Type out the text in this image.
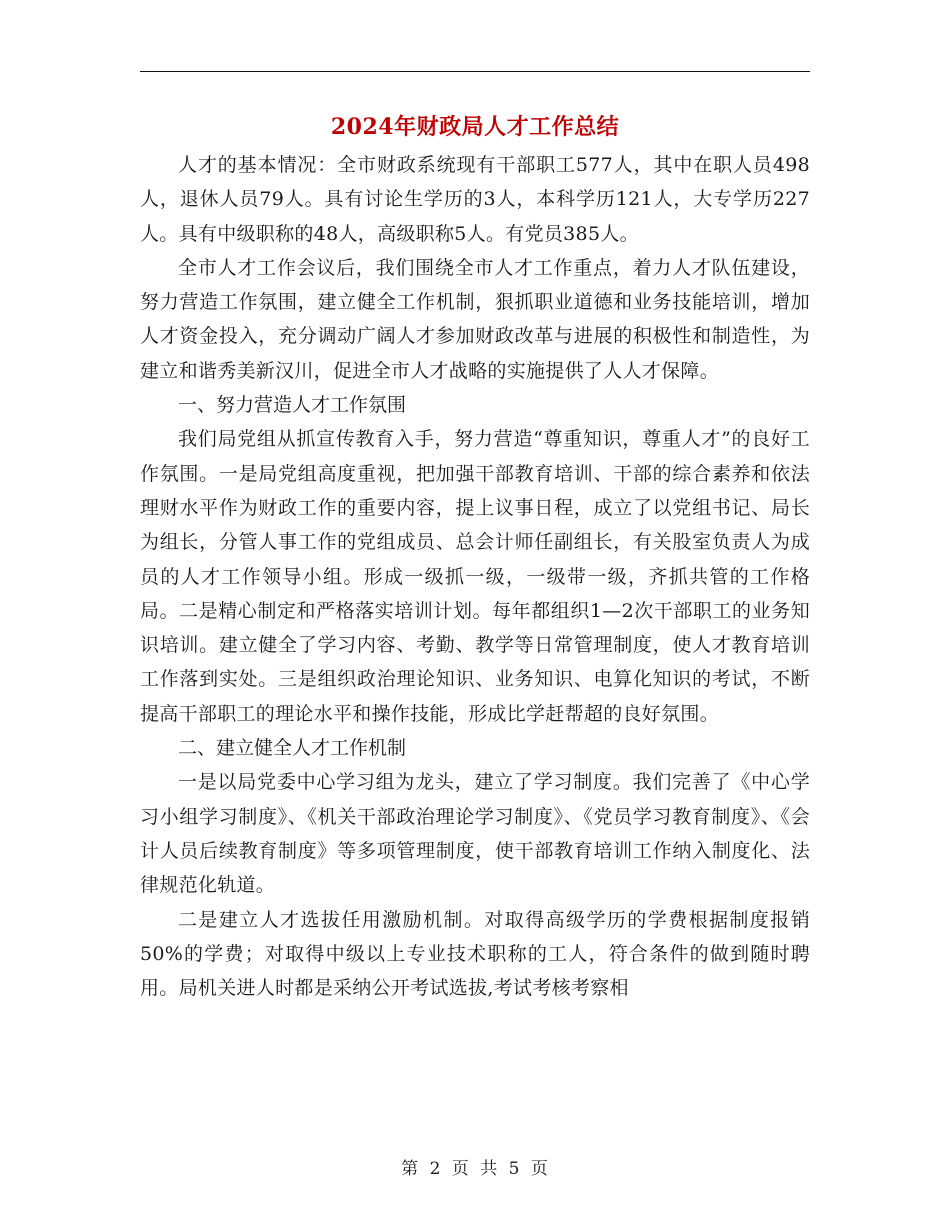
2024年财政局人才工作总结

人才的基本情况：全市财政系统现有干部职工577人，其中在职人员498人，退休人员79人。具有讨论生学历的3人，本科学历121人，大专学历227人。具有中级职称的48人，高级职称5人。有党员385人。

全市人才工作会议后，我们围绕全市人才工作重点，着力人才队伍建设，努力营造工作氛围，建立健全工作机制，狠抓职业道德和业务技能培训，增加人才资金投入，充分调动广阔人才参加财政改革与进展的积极性和制造性，为建立和谐秀美新汉川，促进全市人才战略的实施提供了人人才保障。

一、努力营造人才工作氛围

我们局党组从抓宣传教育入手，努力营造“尊重知识，尊重人才”的良好工作氛围。一是局党组高度重视，把加强干部教育培训、干部的综合素养和依法理财水平作为财政工作的重要内容，提上议事日程，成立了以党组书记、局长为组长，分管人事工作的党组成员、总会计师任副组长，有关股室负责人为成员的人才工作领导小组。形成一级抓一级，一级带一级，齐抓共管的工作格局。二是精心制定和严格落实培训计划。每年都组织1—2次干部职工的业务知识培训。建立健全了学习内容、考勤、教学等日常管理制度，使人才教育培训工作落到实处。三是组织政治理论知识、业务知识、电算化知识的考试，不断提高干部职工的理论水平和操作技能，形成比学赶帮超的良好氛围。

二、建立健全人才工作机制

一是以局党委中心学习组为龙头，建立了学习制度。我们完善了《中心学习小组学习制度》、《机关干部政治理论学习制度》、《党员学习教育制度》、《会计人员后续教育制度》等多项管理制度，使干部教育培训工作纳入制度化、法律规范化轨道。

二是建立人才选拔任用激励机制。对取得高级学历的学费根据制度报销50%的学费；对取得中级以上专业技术职称的工人，符合条件的做到随时聘用。局机关进人时都是采纳公开考试选拔,考试考核考察相

第 2 页 共 5 页
